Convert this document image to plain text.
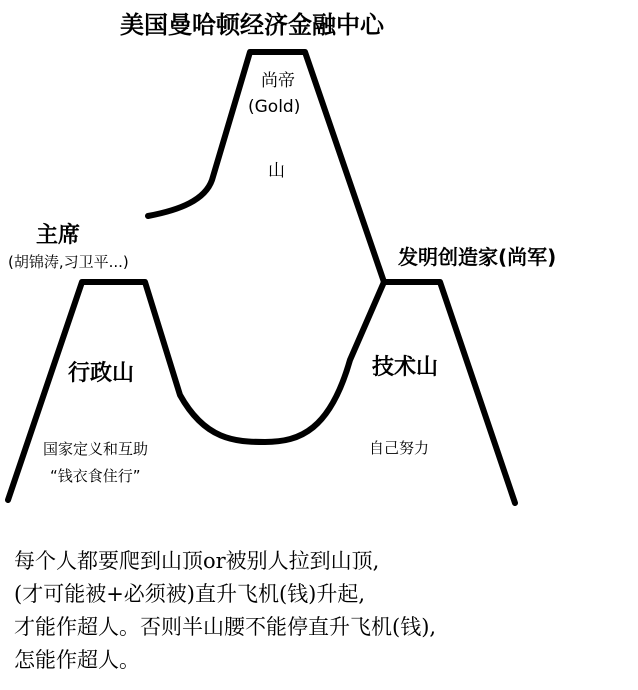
美国曼哈顿经济金融中心
尚帝
(Gold)
山
主席
(胡锦涛,习卫平...)
行政山
国家定义和互助
“钱衣食住行”
发明创造家(尚军)
技术山
自己努力
每个人都要爬到山顶or被别人拉到山顶,
(才可能被+必须被)直升飞机(钱)升起,
才能作超人。否则半山腰不能停直升飞机(钱),
怎能作超人。
